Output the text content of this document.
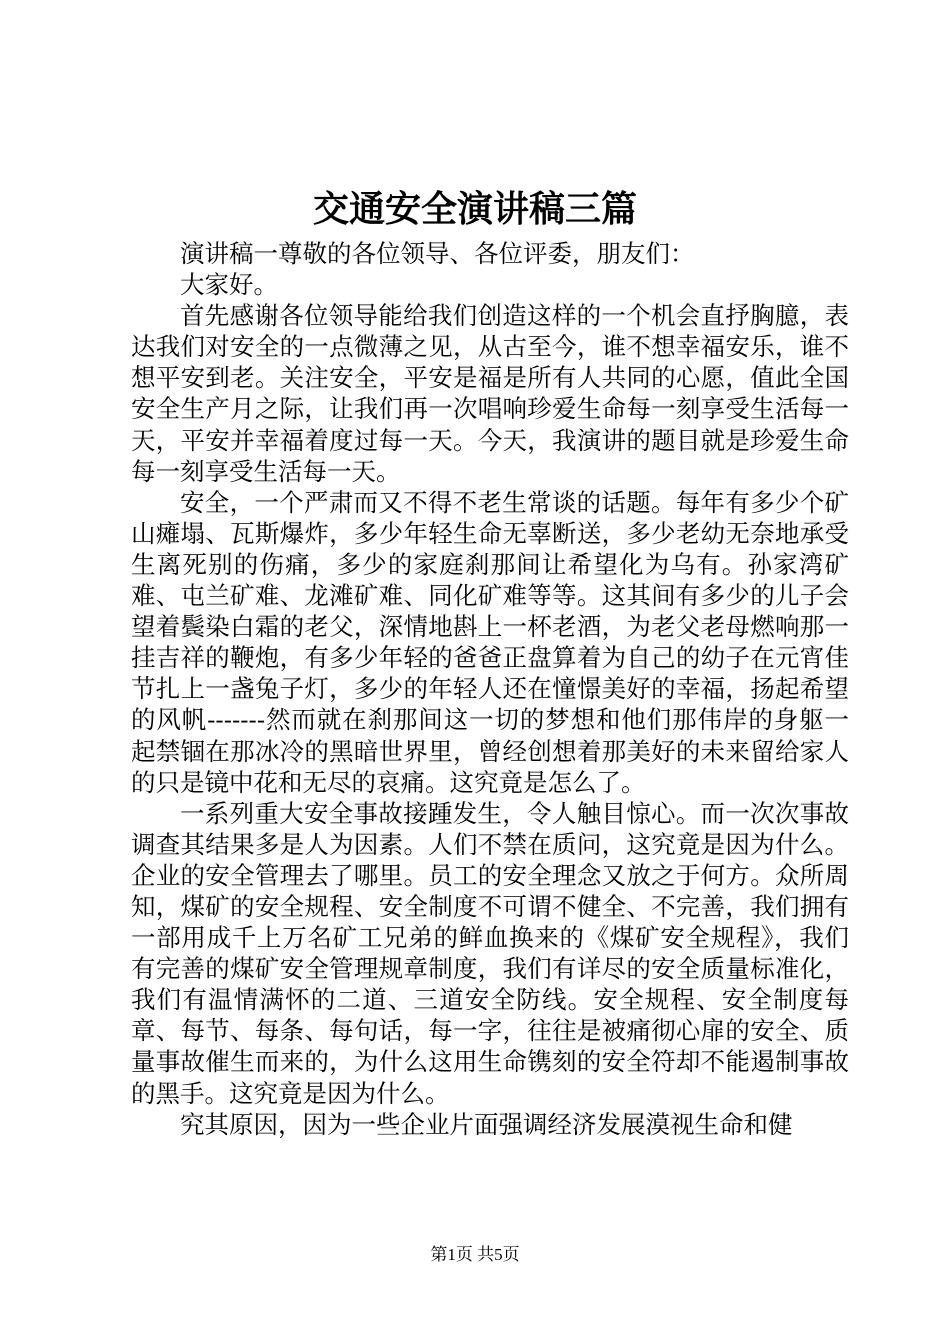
交通安全演讲稿三篇

演讲稿一尊敬的各位领导、各位评委，朋友们：

大家好。

首先感谢各位领导能给我们创造这样的一个机会直抒胸臆，表达我们对安全的一点微薄之见，从古至今，谁不想幸福安乐，谁不想平安到老。关注安全，平安是福是所有人共同的心愿，值此全国安全生产月之际，让我们再一次唱响珍爱生命每一刻享受生活每一天，平安并幸福着度过每一天。今天，我演讲的题目就是珍爱生命每一刻享受生活每一天。

安全，一个严肃而又不得不老生常谈的话题。每年有多少个矿山瘫塌、瓦斯爆炸，多少年轻生命无辜断送，多少老幼无奈地承受生离死别的伤痛，多少的家庭刹那间让希望化为乌有。孙家湾矿难、屯兰矿难、龙滩矿难、同化矿难等等。这其间有多少的儿子会望着鬓染白霜的老父，深情地斟上一杯老酒，为老父老母燃响那一挂吉祥的鞭炮，有多少年轻的爸爸正盘算着为自己的幼子在元宵佳节扎上一盏兔子灯，多少的年轻人还在憧憬美好的幸福，扬起希望的风帆-------然而就在刹那间这一切的梦想和他们那伟岸的身躯一起禁锢在那冰冷的黑暗世界里，曾经创想着那美好的未来留给家人的只是镜中花和无尽的哀痛。这究竟是怎么了。

一系列重大安全事故接踵发生，令人触目惊心。而一次次事故调查其结果多是人为因素。人们不禁在质问，这究竟是因为什么。企业的安全管理去了哪里。员工的安全理念又放之于何方。众所周知，煤矿的安全规程、安全制度不可谓不健全、不完善，我们拥有一部用成千上万名矿工兄弟的鲜血换来的《煤矿安全规程》，我们有完善的煤矿安全管理规章制度，我们有详尽的安全质量标准化，我们有温情满怀的二道、三道安全防线。安全规程、安全制度每章、每节、每条、每句话，每一字，往往是被痛彻心扉的安全、质量事故催生而来的，为什么这用生命镌刻的安全符却不能遏制事故的黑手。这究竟是因为什么。

究其原因，因为一些企业片面强调经济发展漠视生命和健

第1页 共5页
